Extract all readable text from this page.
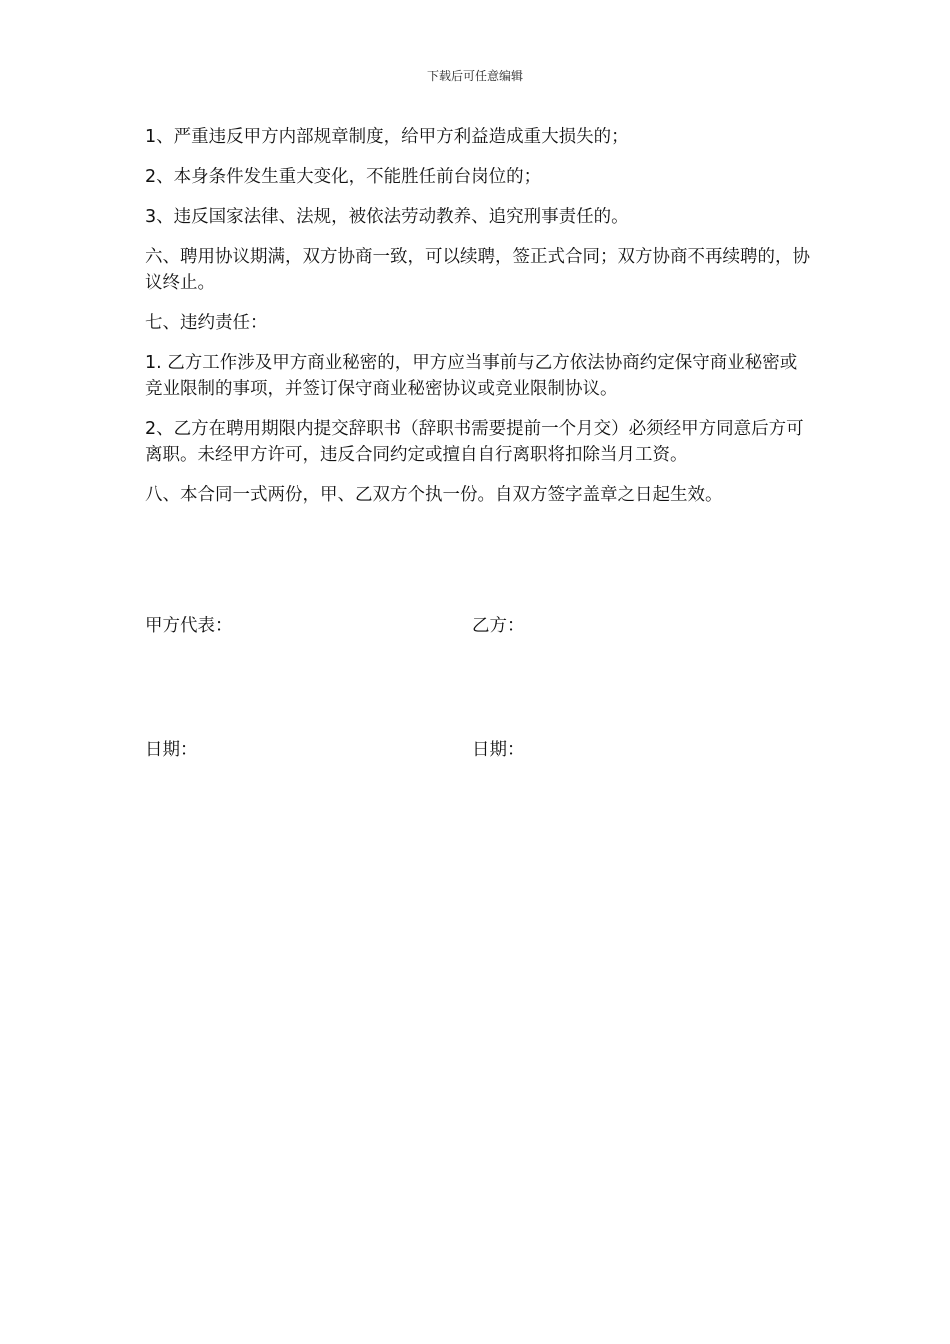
下载后可任意编辑

1、严重违反甲方内部规章制度，给甲方利益造成重大损失的；

2、本身条件发生重大变化，不能胜任前台岗位的；

3、违反国家法律、法规，被依法劳动教养、追究刑事责任的。

六、聘用协议期满，双方协商一致，可以续聘，签正式合同；双方协商不再续聘的，协议终止。

七、违约责任：

1. 乙方工作涉及甲方商业秘密的，甲方应当事前与乙方依法协商约定保守商业秘密或竞业限制的事项，并签订保守商业秘密协议或竞业限制协议。

2、乙方在聘用期限内提交辞职书（辞职书需要提前一个月交）必须经甲方同意后方可离职。未经甲方许可，违反合同约定或擅自自行离职将扣除当月工资。

八、本合同一式两份，甲、乙双方个执一份。自双方签字盖章之日起生效。

甲方代表：	乙方：
日期：	日期：
